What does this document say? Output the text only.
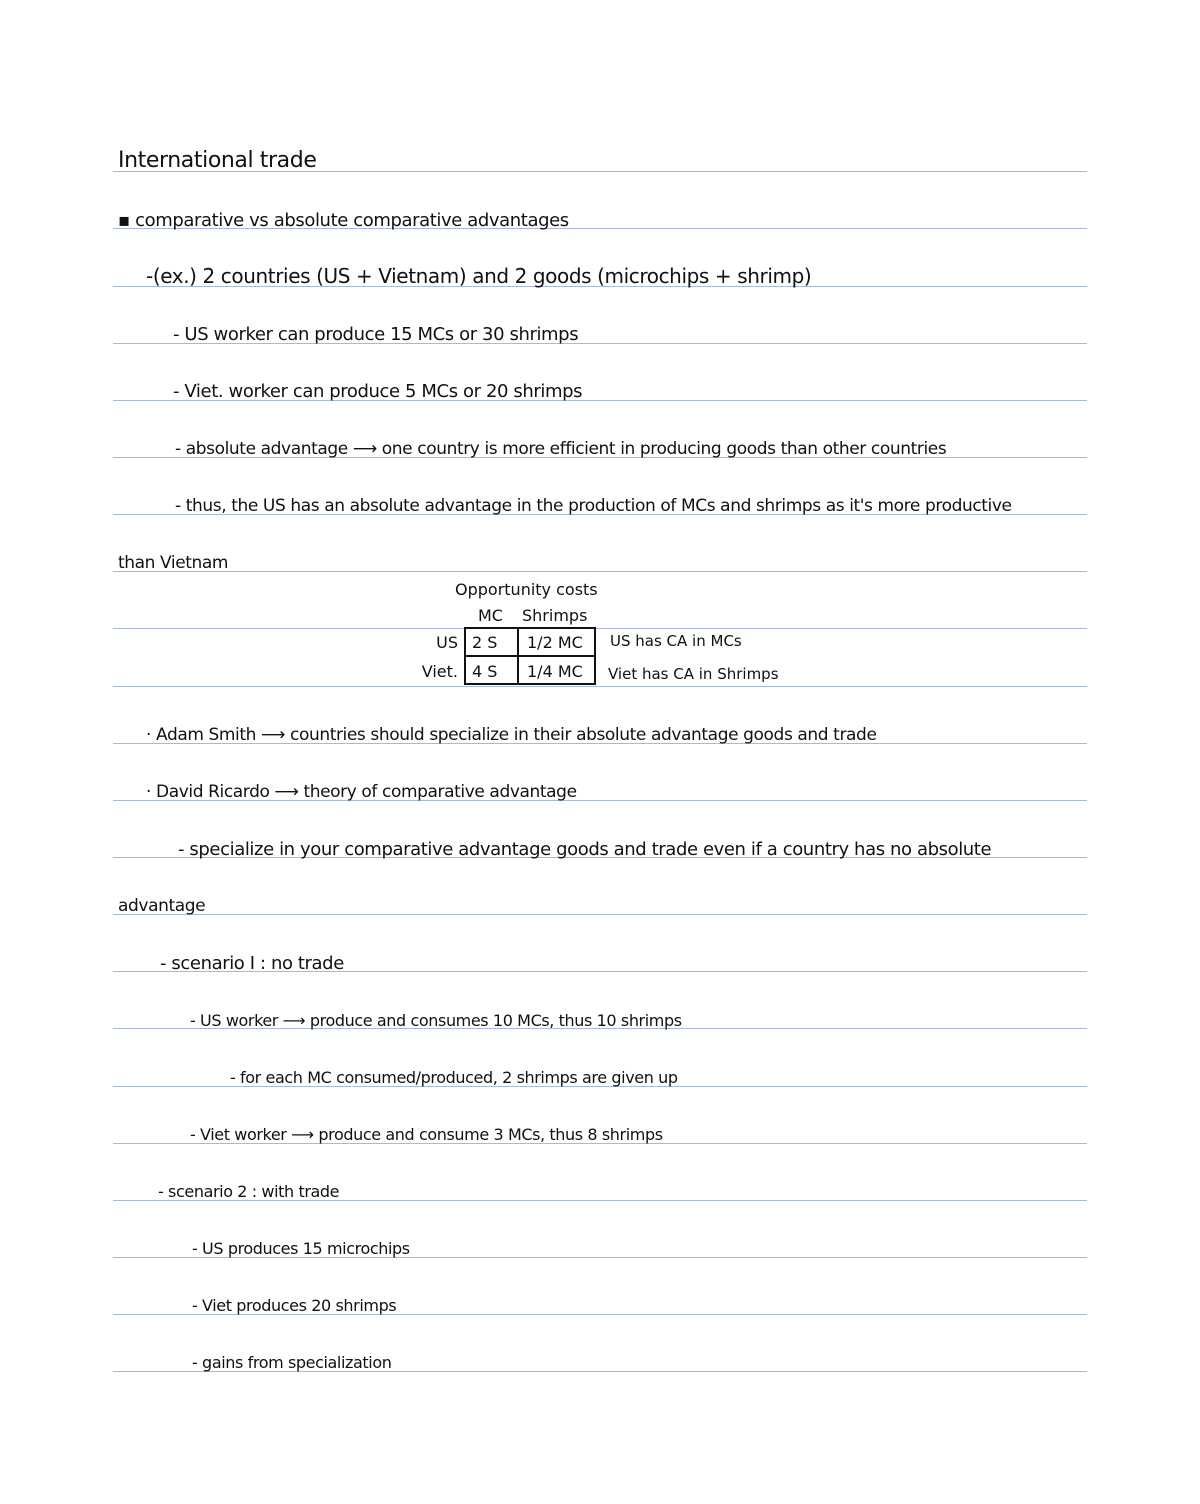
International trade
▪ comparative vs absolute comparative advantages
-(ex.) 2 countries (US + Vietnam) and 2 goods (microchips + shrimp)
- US worker can produce 15 MCs or 30 shrimps
- Viet. worker can produce 5 MCs or 20 shrimps
- absolute advantage ⟶ one country is more efficient in producing goods than other countries
- thus, the US has an absolute advantage in the production of MCs and shrimps as it's more productive
than Vietnam
Opportunity costs
MC Shrimps
US 2 S 1/2 MC US has CA in MCs
Viet. 4 S 1/4 MC Viet has CA in Shrimps
· Adam Smith ⟶ countries should specialize in their absolute advantage goods and trade
· David Ricardo ⟶ theory of comparative advantage
- specialize in your comparative advantage goods and trade even if a country has no absolute
advantage
- scenario I : no trade
- US worker ⟶ produce and consumes 10 MCs, thus 10 shrimps
- for each MC consumed/produced, 2 shrimps are given up
- Viet worker ⟶ produce and consume 3 MCs, thus 8 shrimps
- scenario 2 : with trade
- US produces 15 microchips
- Viet produces 20 shrimps
- gains from specialization
